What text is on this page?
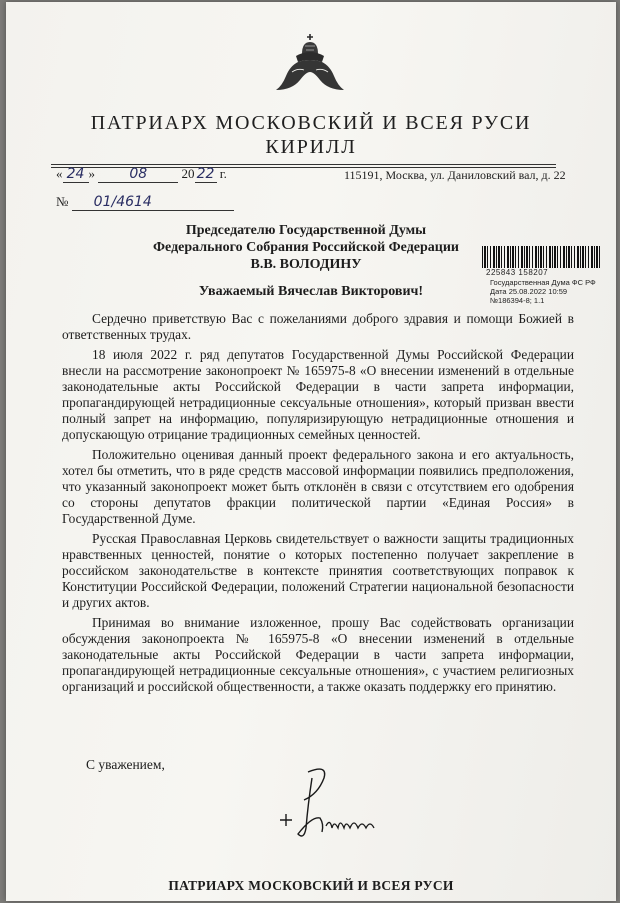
ПАТРИАРХ МОСКОВСКИЙ И ВСЕЯ РУСИ
КИРИЛЛ
« 24 » 08	20 22 г.	115191, Москва, ул. Даниловский вал, д. 22
№ 01/4614
Председателю Государственной Думы
Федерального Собрания Российской Федерации
В.В. ВОЛОДИНУ
225843 158207
Государственная Дума ФС РФ
Дата 25.08.2022 10:59
№186394-8; 1.1
Уважаемый Вячеслав Викторович!

Сердечно приветствую Вас с пожеланиями доброго здравия и помощи Божией в ответственных трудах.

18 июля 2022 г. ряд депутатов Государственной Думы Российской Федерации внесли на рассмотрение законопроект № 165975-8 «О внесении изменений в отдельные законодательные акты Российской Федерации в части запрета информации, пропагандирующей нетрадиционные сексуальные отношения», который призван ввести полный запрет на информацию, популяризирующую нетрадиционные отношения и допускающую отрицание традиционных семейных ценностей.

Положительно оценивая данный проект федерального закона и его актуальность, хотел бы отметить, что в ряде средств массовой информации появились предположения, что указанный законопроект может быть отклонён в связи с отсутствием его одобрения со стороны депутатов фракции политической партии «Единая Россия» в Государственной Думе.

Русская Православная Церковь свидетельствует о важности защиты традиционных нравственных ценностей, понятие о которых постепенно получает закрепление в российском законодательстве в контексте принятия соответствующих поправок к Конституции Российской Федерации, положений Стратегии национальной безопасности и других актов.

Принимая во внимание изложенное, прошу Вас содействовать организации обсуждения законопроекта № 165975-8 «О внесении изменений в отдельные законодательные акты Российской Федерации в части запрета информации, пропагандирующей нетрадиционные сексуальные отношения», с участием религиозных организаций и российской общественности, а также оказать поддержку его принятию.

С уважением,
ПАТРИАРХ МОСКОВСКИЙ И ВСЕЯ РУСИ
